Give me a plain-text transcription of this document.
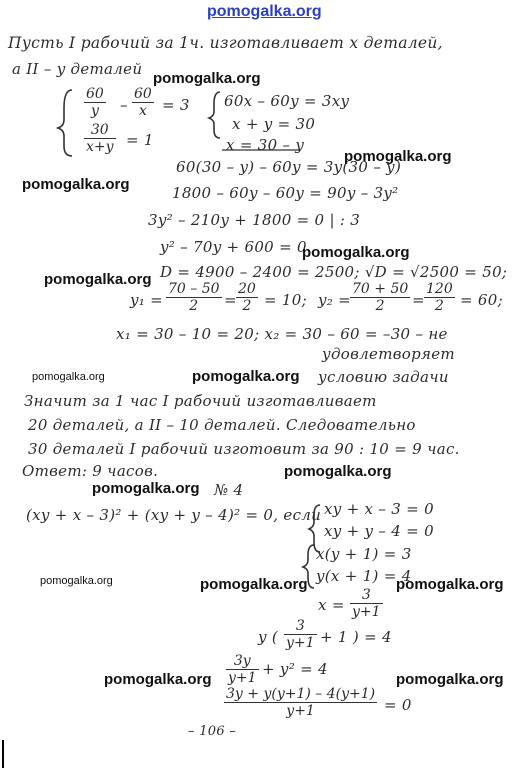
pomogalka.org
Пусть I рабочий за 1ч. изготавливает x деталей,
а II – y деталей
$\frac{60}{y} - \frac{60}{x} = 3$
$\frac{30}{x+y} = 1$
60x – 60y = 3xy
x + y = 30
x = 30 – y
60(30 – y) – 60y = 3y(30 – y)
1800 – 60y – 60y = 90y – 3y²
3y² – 210y + 1800 = 0 | : 3
y² – 70y + 600 = 0
D = 4900 – 2400 = 2500; √D = √2500 = 50;
$y_1 = \frac{70 - 50}{2} = \frac{20}{2} = 10$; y₂ =
$\frac{70 + 50}{2} = \frac{120}{2} = 60$;
x₁ = 30 – 10 = 20; x₂ = 30 – 60 = –30 – не
удовлетворяет
условию задачи
Значит за 1 час I рабочий изготавливает
20 деталей, а II – 10 деталей. Следовательно
30 деталей I рабочий изготовит за 90 : 10 = 9 час.
Ответ: 9 часов.
№ 4
(xy + x – 3)² + (xy + y – 4)² = 0, если xy + x – 3 = 0
xy + y – 4 = 0
x(y + 1) = 3
y(x + 1) = 4
$x = \frac{3}{y+1}$
y ( $\frac{3}{y+1} + 1$ ) = 4
$\frac{3y}{y+1} + y^2 = 4$
$\frac{3y + y(y+1) - 4(y+1)}{y+1} = 0$
– 106 –
pomogalka.org
pomogalka.org
pomogalka.org
pomogalka.org
pomogalka.org
pomogalka.org	pomogalka.org
pomogalka.org
pomogalka.org
pomogalka.org	pomogalka.org	pomogalka.org
pomogalka.org	pomogalka.org
